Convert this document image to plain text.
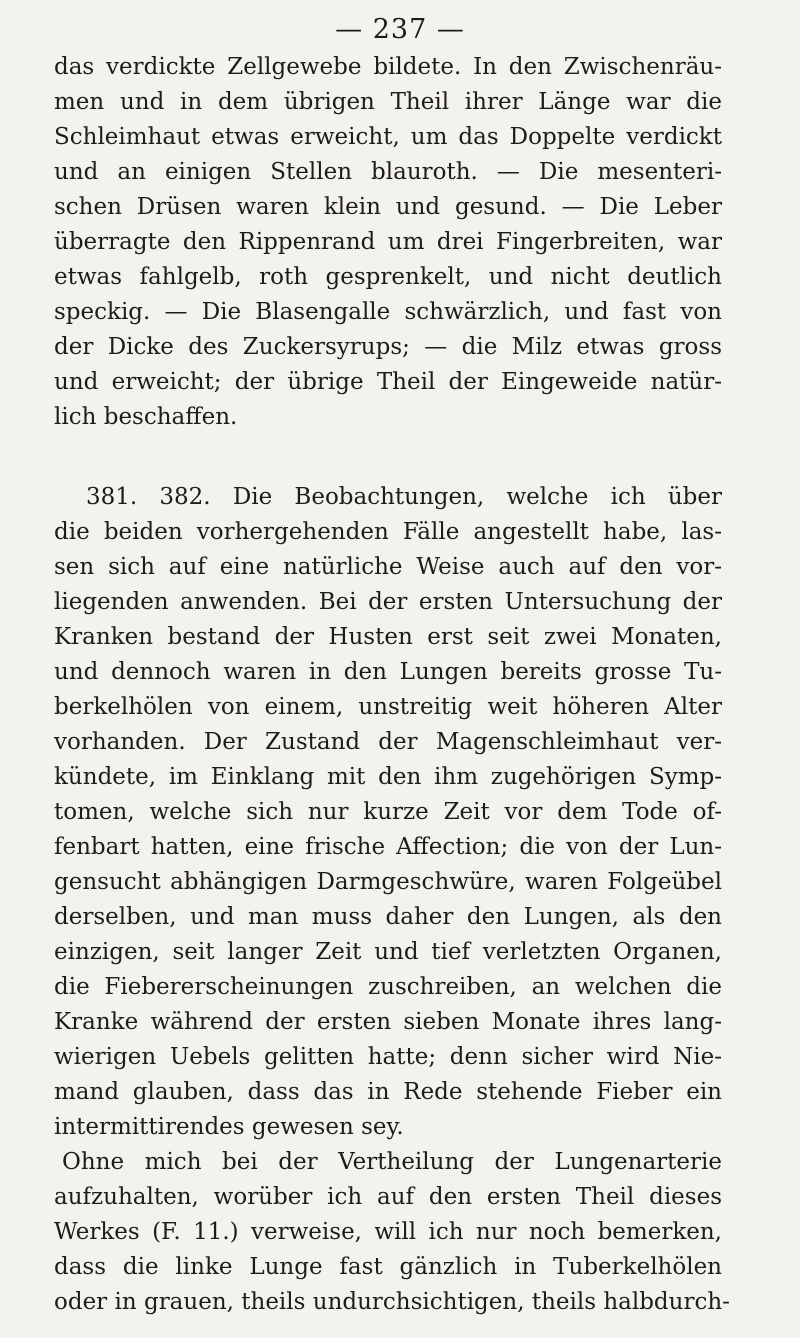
— 237 —
das verdickte Zellgewebe bildete. In den Zwischenräu-
men und in dem übrigen Theil ihrer Länge war die
Schleimhaut etwas erweicht, um das Doppelte verdickt
und an einigen Stellen blauroth. — Die mesenteri-
schen Drüsen waren klein und gesund. — Die Leber
überragte den Rippenrand um drei Fingerbreiten, war
etwas fahlgelb, roth gesprenkelt, und nicht deutlich
speckig. — Die Blasengalle schwärzlich, und fast von
der Dicke des Zuckersyrups; — die Milz etwas gross
und erweicht; der übrige Theil der Eingeweide natür-
lich beschaffen.
381. 382. Die Beobachtungen, welche ich über
die beiden vorhergehenden Fälle angestellt habe, las-
sen sich auf eine natürliche Weise auch auf den vor-
liegenden anwenden. Bei der ersten Untersuchung der
Kranken bestand der Husten erst seit zwei Monaten,
und dennoch waren in den Lungen bereits grosse Tu-
berkelhölen von einem, unstreitig weit höheren Alter
vorhanden. Der Zustand der Magenschleimhaut ver-
kündete, im Einklang mit den ihm zugehörigen Symp-
tomen, welche sich nur kurze Zeit vor dem Tode of-
fenbart hatten, eine frische Affection; die von der Lun-
gensucht abhängigen Darmgeschwüre, waren Folgeübel
derselben, und man muss daher den Lungen, als den
einzigen, seit langer Zeit und tief verletzten Organen,
die Fiebererscheinungen zuschreiben, an welchen die
Kranke während der ersten sieben Monate ihres lang-
wierigen Uebels gelitten hatte; denn sicher wird Nie-
mand glauben, dass das in Rede stehende Fieber ein
intermittirendes gewesen sey.
Ohne mich bei der Vertheilung der Lungenarterie
aufzuhalten, worüber ich auf den ersten Theil dieses
Werkes (F. 11.) verweise, will ich nur noch bemerken,
dass die linke Lunge fast gänzlich in Tuberkelhölen
oder in grauen, theils undurchsichtigen, theils halbdurch-
